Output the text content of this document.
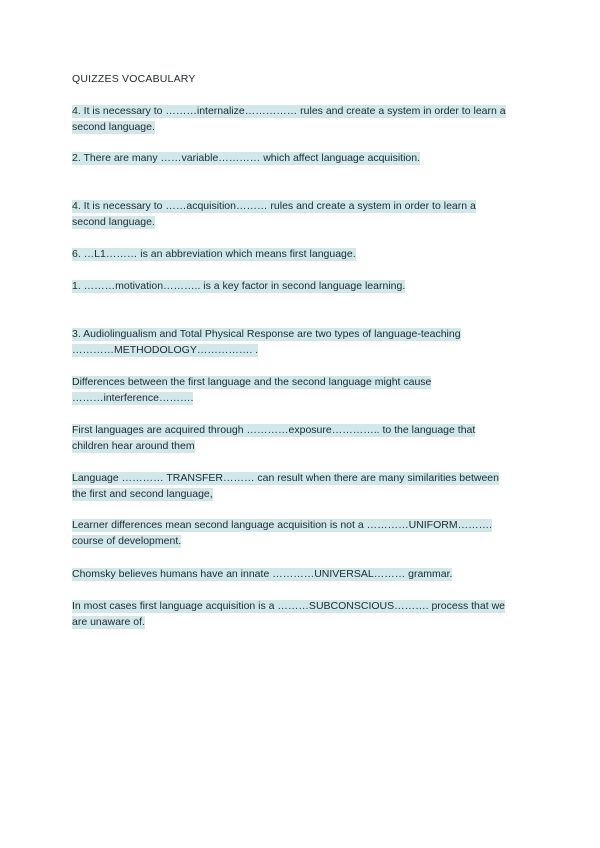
QUIZZES VOCABULARY
4. It is necessary to ………internalize…………… rules and create a system in order to learn a
second language.
2. There are many ……variable………… which affect language acquisition.
4. It is necessary to ……acquisition……… rules and create a system in order to learn a
second language.
6. …L1……… is an abbreviation which means first language.
1. ………motivation……….. is a key factor in second language learning.
3. Audiolingualism and Total Physical Response are two types of language-teaching
…………METHODOLOGY……………. .
Differences between the first language and the second language might cause
………interference……….
First languages are acquired through …………exposure………….. to the language that
children hear around them
Language ………… TRANSFER……… can result when there are many similarities between
the first and second language,
Learner differences mean second language acquisition is not a …………UNIFORM……….
course of development.
Chomsky believes humans have an innate …………UNIVERSAL……… grammar.
In most cases first language acquisition is a ………SUBCONSCIOUS………. process that we
are unaware of.
